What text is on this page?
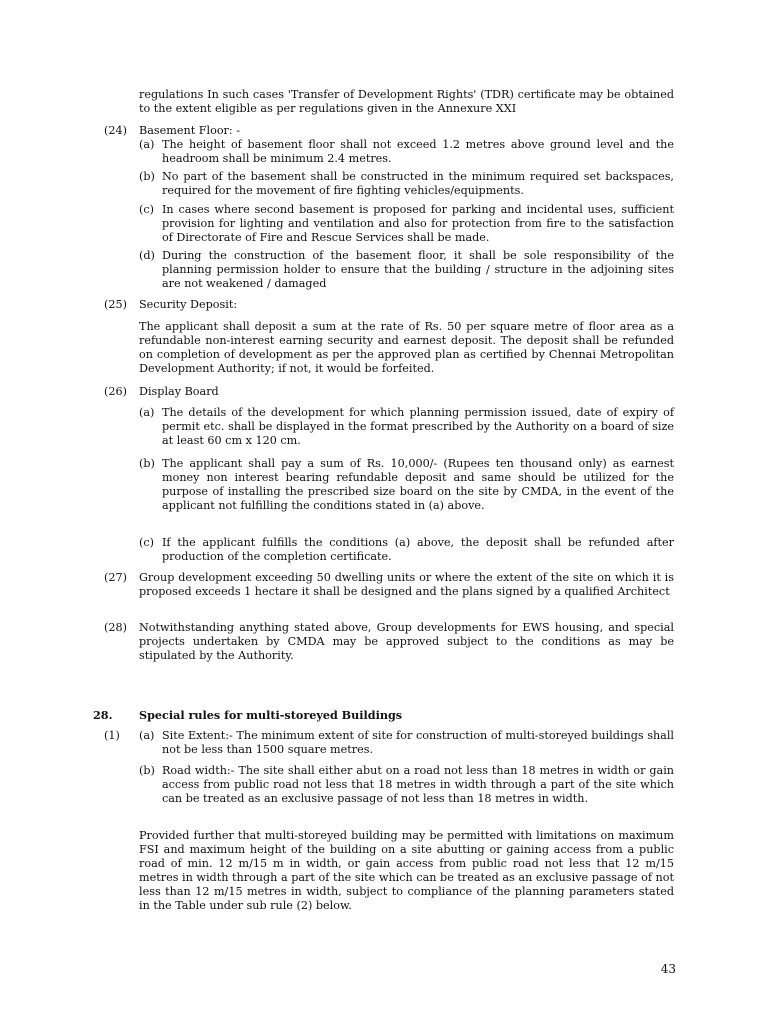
regulations In such cases 'Transfer of Development Rights' (TDR) certificate may be obtained to the extent eligible as per regulations given in the Annexure XXI
(24) Basement Floor: -
(a) The height of basement floor shall not exceed 1.2 metres above ground level and the headroom shall be minimum 2.4 metres.
(b) No part of the basement shall be constructed in the minimum required set backspaces, required for the movement of fire fighting vehicles/equipments.
(c) In cases where second basement is proposed for parking and incidental uses, sufficient provision for lighting and ventilation and also for protection from fire to the satisfaction of Directorate of Fire and Rescue Services shall be made.
(d) During the construction of the basement floor, it shall be sole responsibility of the planning permission holder to ensure that the building / structure in the adjoining sites are not weakened / damaged
(25) Security Deposit:
The applicant shall deposit a sum at the rate of Rs. 50 per square metre of floor area as a refundable non-interest earning security and earnest deposit. The deposit shall be refunded on completion of development as per the approved plan as certified by Chennai Metropolitan Development Authority; if not, it would be forfeited.
(26) Display Board
(a) The details of the development for which planning permission issued, date of expiry of permit etc. shall be displayed in the format prescribed by the Authority on a board of size at least 60 cm x 120 cm.
(b) The applicant shall pay a sum of Rs. 10,000/- (Rupees ten thousand only) as earnest money non interest bearing refundable deposit and same should be utilized for the purpose of installing the prescribed size board on the site by CMDA, in the event of the applicant not fulfilling the conditions stated in (a) above.
(c) If the applicant fulfills the conditions (a) above, the deposit shall be refunded after production of the completion certificate.
(27) Group development exceeding 50 dwelling units or where the extent of the site on which it is proposed exceeds 1 hectare it shall be designed and the plans signed by a qualified Architect
(28) Notwithstanding anything stated above, Group developments for EWS housing, and special projects undertaken by CMDA may be approved subject to the conditions as may be stipulated by the Authority.
28. Special rules for multi-storeyed Buildings
(1) (a) Site Extent:- The minimum extent of site for construction of multi-storeyed buildings shall not be less than 1500 square metres.
(b) Road width:- The site shall either abut on a road not less than 18 metres in width or gain access from public road not less that 18 metres in width through a part of the site which can be treated as an exclusive passage of not less than 18 metres in width.
Provided further that multi-storeyed building may be permitted with limitations on maximum FSI and maximum height of the building on a site abutting or gaining access from a public road of min. 12 m/15 m in width, or gain access from public road not less that 12 m/15 metres in width through a part of the site which can be treated as an exclusive passage of not less than 12 m/15 metres in width, subject to compliance of the planning parameters stated in the Table under sub rule (2) below.
43
